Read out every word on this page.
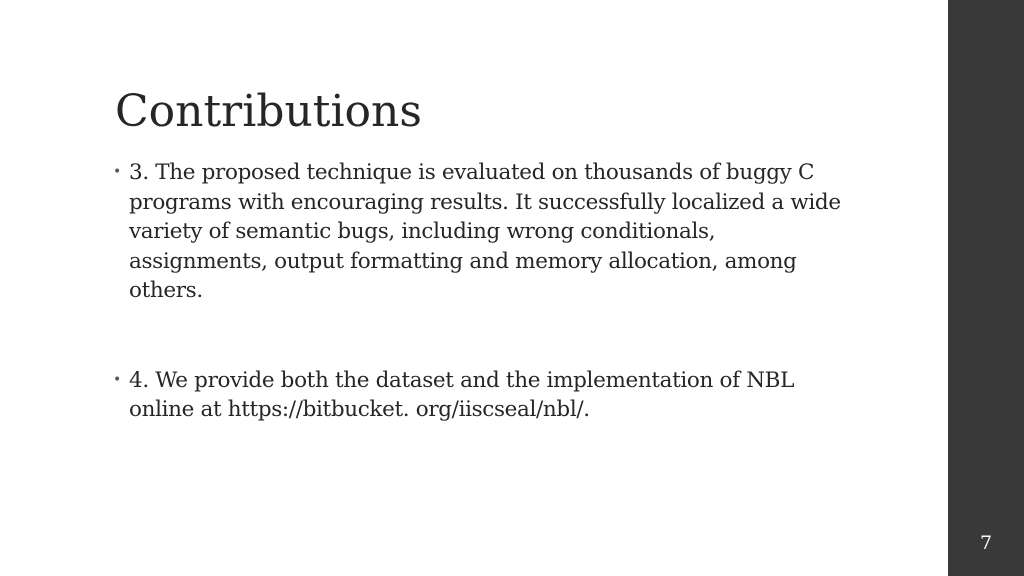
Contributions
• 3. The proposed technique is evaluated on thousands of buggy C programs with encouraging results. It successfully localized a wide variety of semantic bugs, including wrong conditionals, assignments, output formatting and memory allocation, among others.
• 4. We provide both the dataset and the implementation of NBL online at https://bitbucket. org/iiscseal/nbl/.
7
